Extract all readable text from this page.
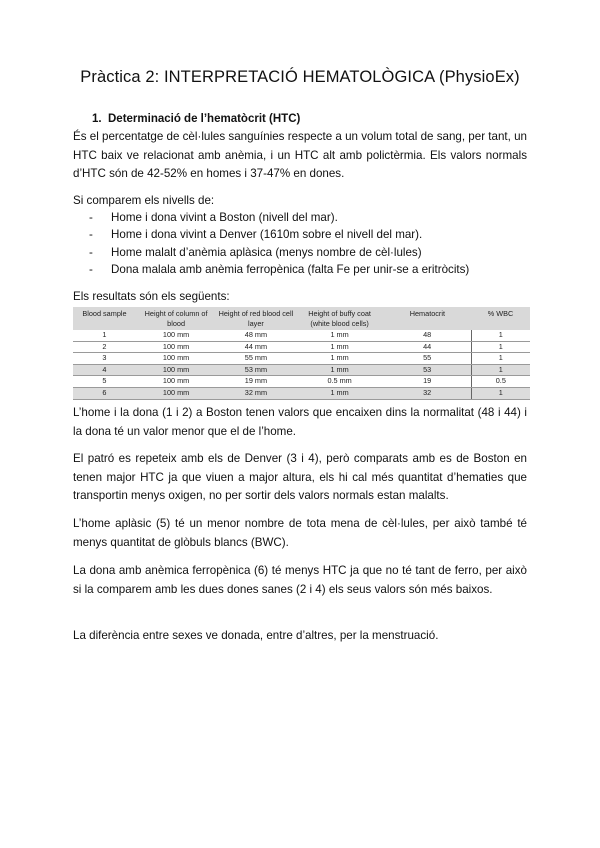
Pràctica 2: INTERPRETACIÓ HEMATOLÒGICA (PhysioEx)
1. Determinació de l’hematòcrit (HTC)

És el percentatge de cèl·lules sanguínies respecte a un volum total de sang, per tant, un HTC baix ve relacionat amb anèmia, i un HTC alt amb polictèrmia. Els valors normals d’HTC són de 42-52% en homes i 37-47% en dones.

Si comparem els nivells de:

- Home i dona vivint a Boston (nivell del mar).
- Home i dona vivint a Denver (1610m sobre el nivell del mar).
- Home malalt d’anèmia aplàsica (menys nombre de cèl·lules)
- Dona malala amb anèmia ferropènica (falta Fe per unir-se a eritròcits)

Els resultats són els següents:

Blood sample	Height of column of blood	Height of red blood cell layer	Height of buffy coat (white blood cells)	Hematocrit	% WBC
1	100 mm	48 mm	1 mm	48	1
2	100 mm	44 mm	1 mm	44	1
3	100 mm	55 mm	1 mm	55	1
4	100 mm	53 mm	1 mm	53	1
5	100 mm	19 mm	0.5 mm	19	0.5
6	100 mm	32 mm	1 mm	32	1

L’home i la dona (1 i 2) a Boston tenen valors que encaixen dins la normalitat (48 i 44) i la dona té un valor menor que el de l’home.

El patró es repeteix amb els de Denver (3 i 4), però comparats amb es de Boston en tenen major HTC ja que viuen a major altura, els hi cal més quantitat d’hematies que transportin menys oxigen, no per sortir dels valors normals estan malalts.

L’home aplàsic (5) té un menor nombre de tota mena de cèl·lules, per això també té menys quantitat de glòbuls blancs (BWC).

La dona amb anèmica ferropènica (6) té menys HTC ja que no té tant de ferro, per això si la comparem amb les dues dones sanes (2 i 4) els seus valors són més baixos.

La diferència entre sexes ve donada, entre d’altres, per la menstruació.
